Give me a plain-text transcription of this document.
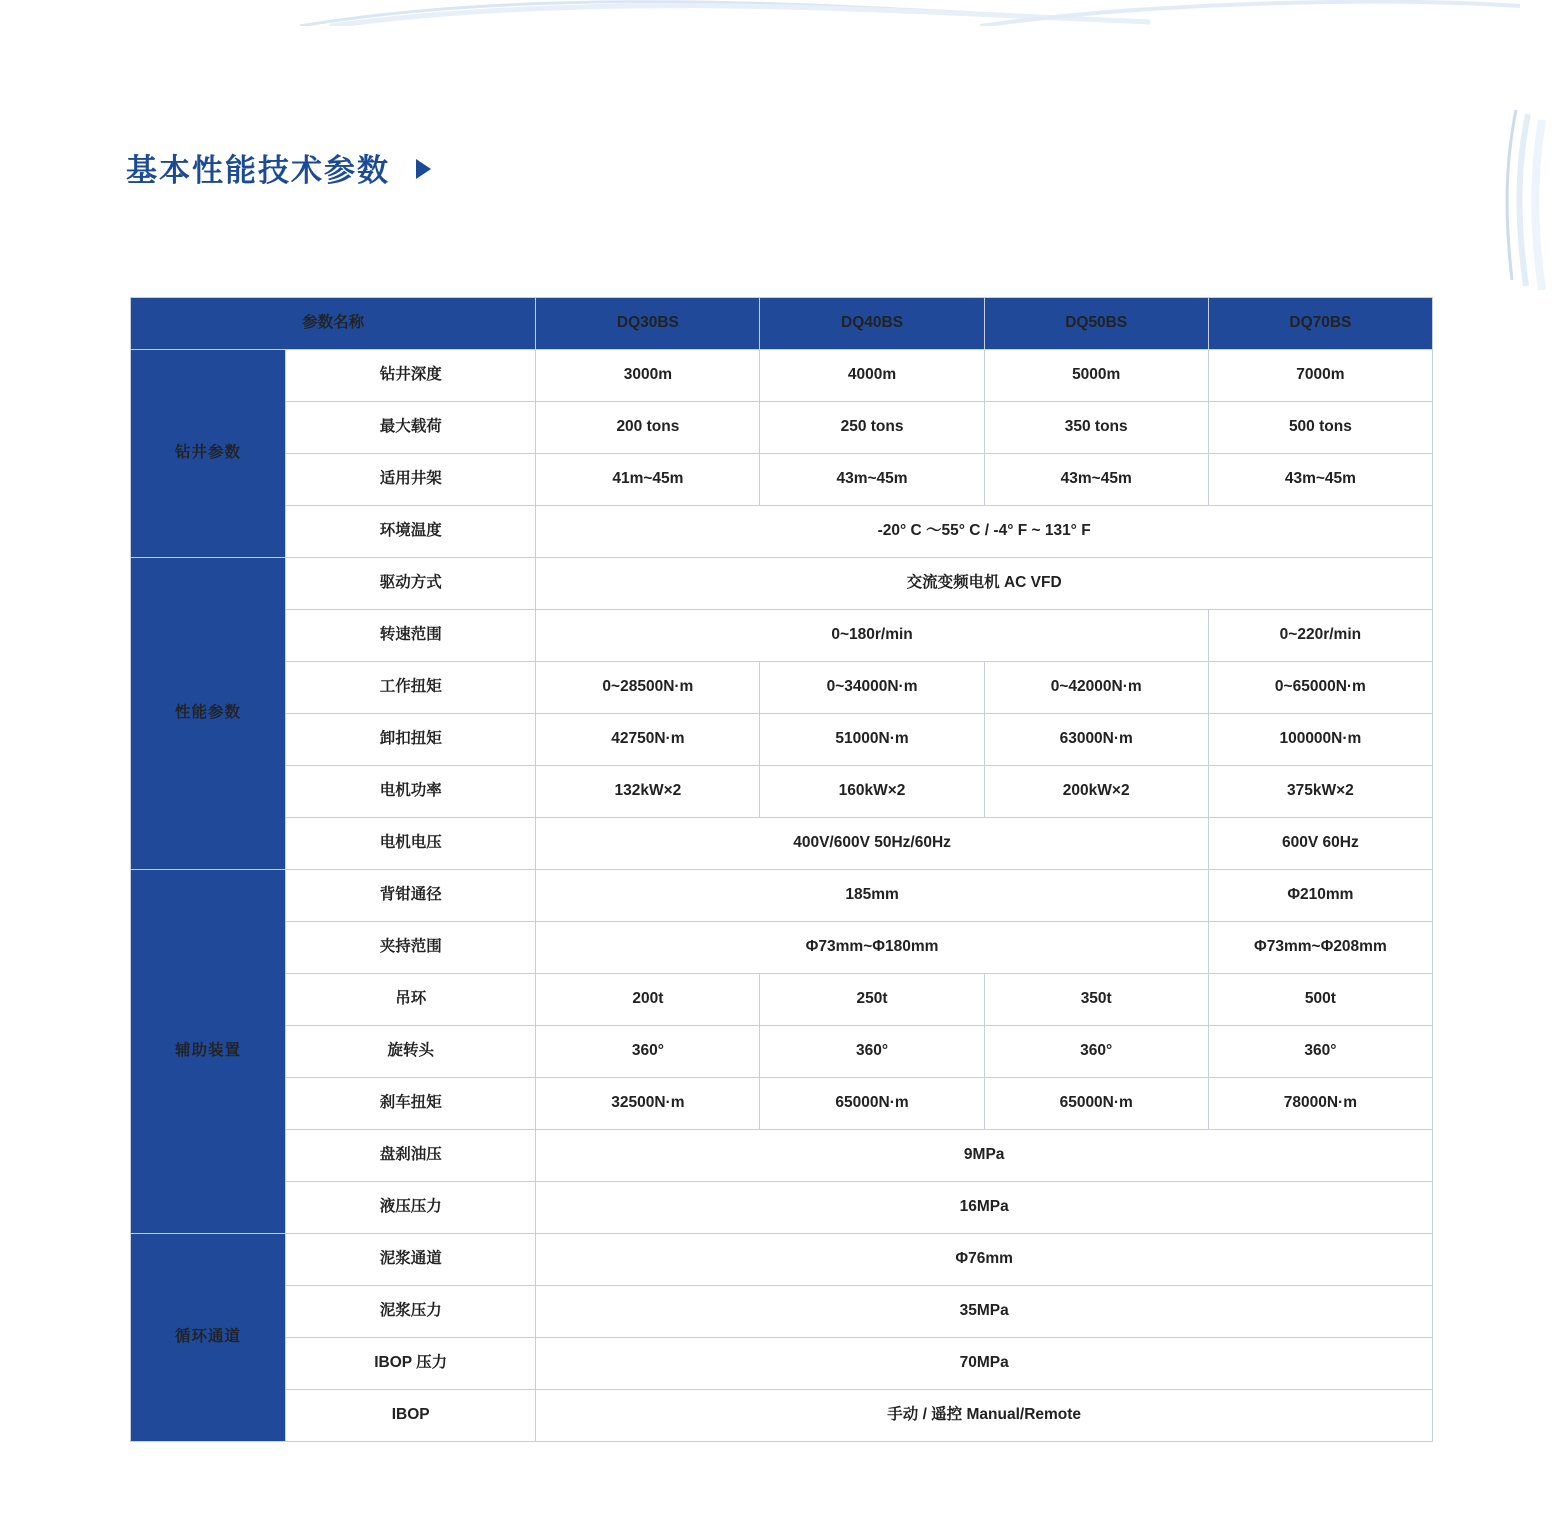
基本性能技术参数
参数名称		DQ30BS	DQ40BS	DQ50BS	DQ70BS
钻井参数	钻井深度	3000m	4000m	5000m	7000m
	最大载荷	200 tons	250 tons	350 tons	500 tons
	适用井架	41m~45m	43m~45m	43m~45m	43m~45m
	环境温度	-20° C ～55° C / -4° F ~ 131° F			
性能参数	驱动方式	交流变频电机 AC VFD			
	转速范围	0~180r/min			0~220r/min
	工作扭矩	0~28500N·m	0~34000N·m	0~42000N·m	0~65000N·m
	卸扣扭矩	42750N·m	51000N·m	63000N·m	100000N·m
	电机功率	132kW×2	160kW×2	200kW×2	375kW×2
	电机电压	400V/600V 50Hz/60Hz			600V 60Hz
辅助装置	背钳通径	185mm			Φ210mm
	夹持范围	Φ73mm~Φ180mm			Φ73mm~Φ208mm
	吊环	200t	250t	350t	500t
	旋转头	360°	360°	360°	360°
	刹车扭矩	32500N·m	65000N·m	65000N·m	78000N·m
	盘刹油压	9MPa			
	液压压力	16MPa			
循环通道	泥浆通道	Φ76mm			
	泥浆压力	35MPa			
	IBOP 压力	70MPa			
	IBOP	手动 / 遥控 Manual/Remote			
